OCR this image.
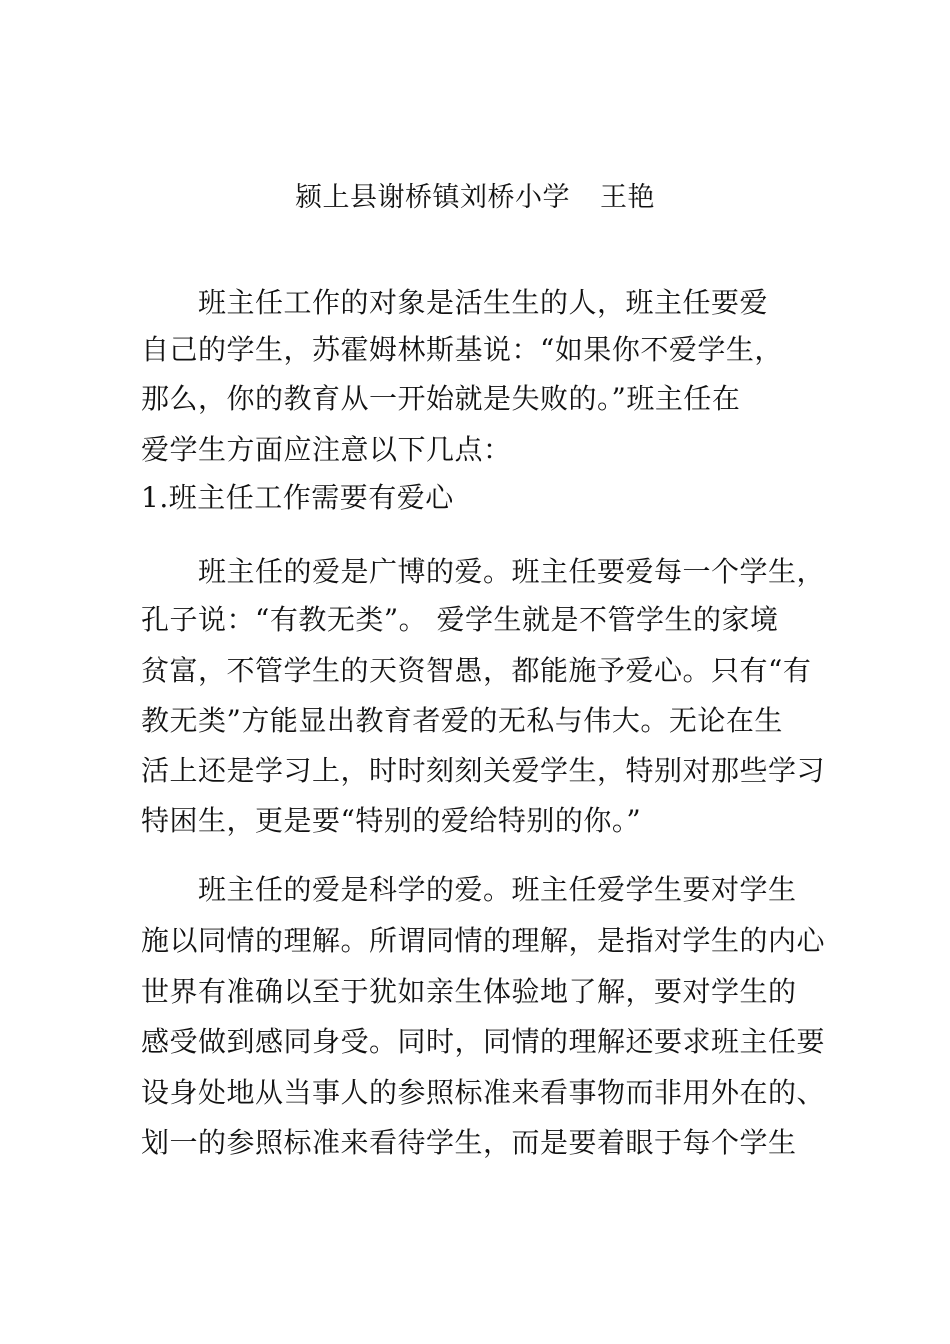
颍上县谢桥镇刘桥小学 王艳
班主任工作的对象是活生生的人，班主任要爱
自己的学生，苏霍姆林斯基说：“如果你不爱学生，
那么，你的教育从一开始就是失败的。”班主任在
爱学生方面应注意以下几点：
1.班主任工作需要有爱心
班主任的爱是广博的爱。班主任要爱每一个学生，
孔子说：“有教无类”。 爱学生就是不管学生的家境
贫富，不管学生的天资智愚，都能施予爱心。只有“有
教无类”方能显出教育者爱的无私与伟大。无论在生
活上还是学习上，时时刻刻关爱学生，特别对那些学习
特困生，更是要“特别的爱给特别的你。”
班主任的爱是科学的爱。班主任爱学生要对学生
施以同情的理解。所谓同情的理解，是指对学生的内心
世界有准确以至于犹如亲生体验地了解，要对学生的
感受做到感同身受。同时，同情的理解还要求班主任要
设身处地从当事人的参照标准来看事物而非用外在的、
划一的参照标准来看待学生，而是要着眼于每个学生
